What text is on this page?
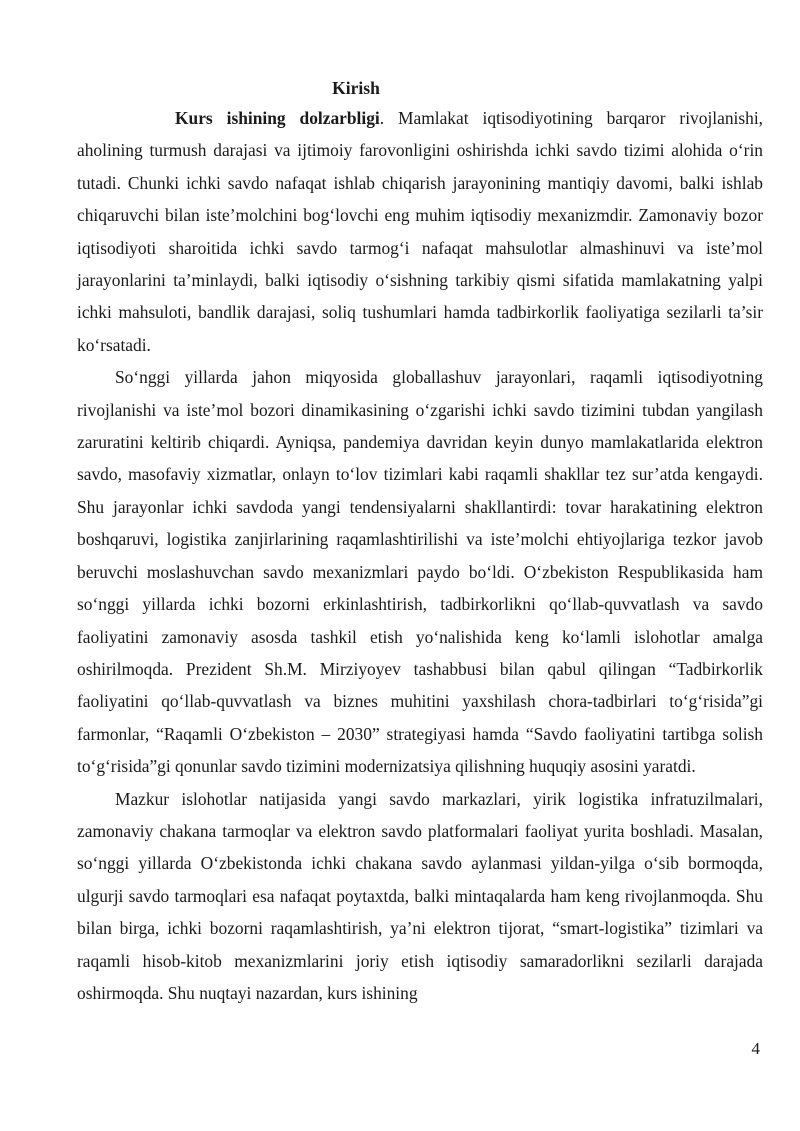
Kirish

Kurs ishining dolzarbligi. Mamlakat iqtisodiyotining barqaror rivojlanishi, aholining turmush darajasi va ijtimoiy farovonligini oshirishda ichki savdo tizimi alohida o‘rin tutadi. Chunki ichki savdo nafaqat ishlab chiqarish jarayonining mantiqiy davomi, balki ishlab chiqaruvchi bilan iste’molchini bog‘lovchi eng muhim iqtisodiy mexanizmdir. Zamonaviy bozor iqtisodiyoti sharoitida ichki savdo tarmog‘i nafaqat mahsulotlar almashinuvi va iste’mol jarayonlarini ta’minlaydi, balki iqtisodiy o‘sishning tarkibiy qismi sifatida mamlakatning yalpi ichki mahsuloti, bandlik darajasi, soliq tushumlari hamda tadbirkorlik faoliyatiga sezilarli ta’sir ko‘rsatadi.

So‘nggi yillarda jahon miqyosida globallashuv jarayonlari, raqamli iqtisodiyotning rivojlanishi va iste’mol bozori dinamikasining o‘zgarishi ichki savdo tizimini tubdan yangilash zaruratini keltirib chiqardi. Ayniqsa, pandemiya davridan keyin dunyo mamlakatlarida elektron savdo, masofaviy xizmatlar, onlayn to‘lov tizimlari kabi raqamli shakllar tez sur’atda kengaydi. Shu jarayonlar ichki savdoda yangi tendensiyalarni shakllantirdi: tovar harakatining elektron boshqaruvi, logistika zanjirlarining raqamlashtirilishi va iste’molchi ehtiyojlariga tezkor javob beruvchi moslashuvchan savdo mexanizmlari paydo bo‘ldi. O‘zbekiston Respublikasida ham so‘nggi yillarda ichki bozorni erkinlashtirish, tadbirkorlikni qo‘llab-quvvatlash va savdo faoliyatini zamonaviy asosda tashkil etish yo‘nalishida keng ko‘lamli islohotlar amalga oshirilmoqda. Prezident Sh.M. Mirziyoyev tashabbusi bilan qabul qilingan “Tadbirkorlik faoliyatini qo‘llab-quvvatlash va biznes muhitini yaxshilash chora-tadbirlari to‘g‘risida”gi farmonlar, “Raqamli O‘zbekiston – 2030” strategiyasi hamda “Savdo faoliyatini tartibga solish to‘g‘risida”gi qonunlar savdo tizimini modernizatsiya qilishning huquqiy asosini yaratdi.

Mazkur islohotlar natijasida yangi savdo markazlari, yirik logistika infratuzilmalari, zamonaviy chakana tarmoqlar va elektron savdo platformalari faoliyat yurita boshladi. Masalan, so‘nggi yillarda O‘zbekistonda ichki chakana savdo aylanmasi yildan-yilga o‘sib bormoqda, ulgurji savdo tarmoqlari esa nafaqat poytaxtda, balki mintaqalarda ham keng rivojlanmoqda. Shu bilan birga, ichki bozorni raqamlashtirish, ya’ni elektron tijorat, “smart-logistika” tizimlari va raqamli hisob-kitob mexanizmlarini joriy etish iqtisodiy samaradorlikni sezilarli darajada oshirmoqda. Shu nuqtayi nazardan, kurs ishining

4
